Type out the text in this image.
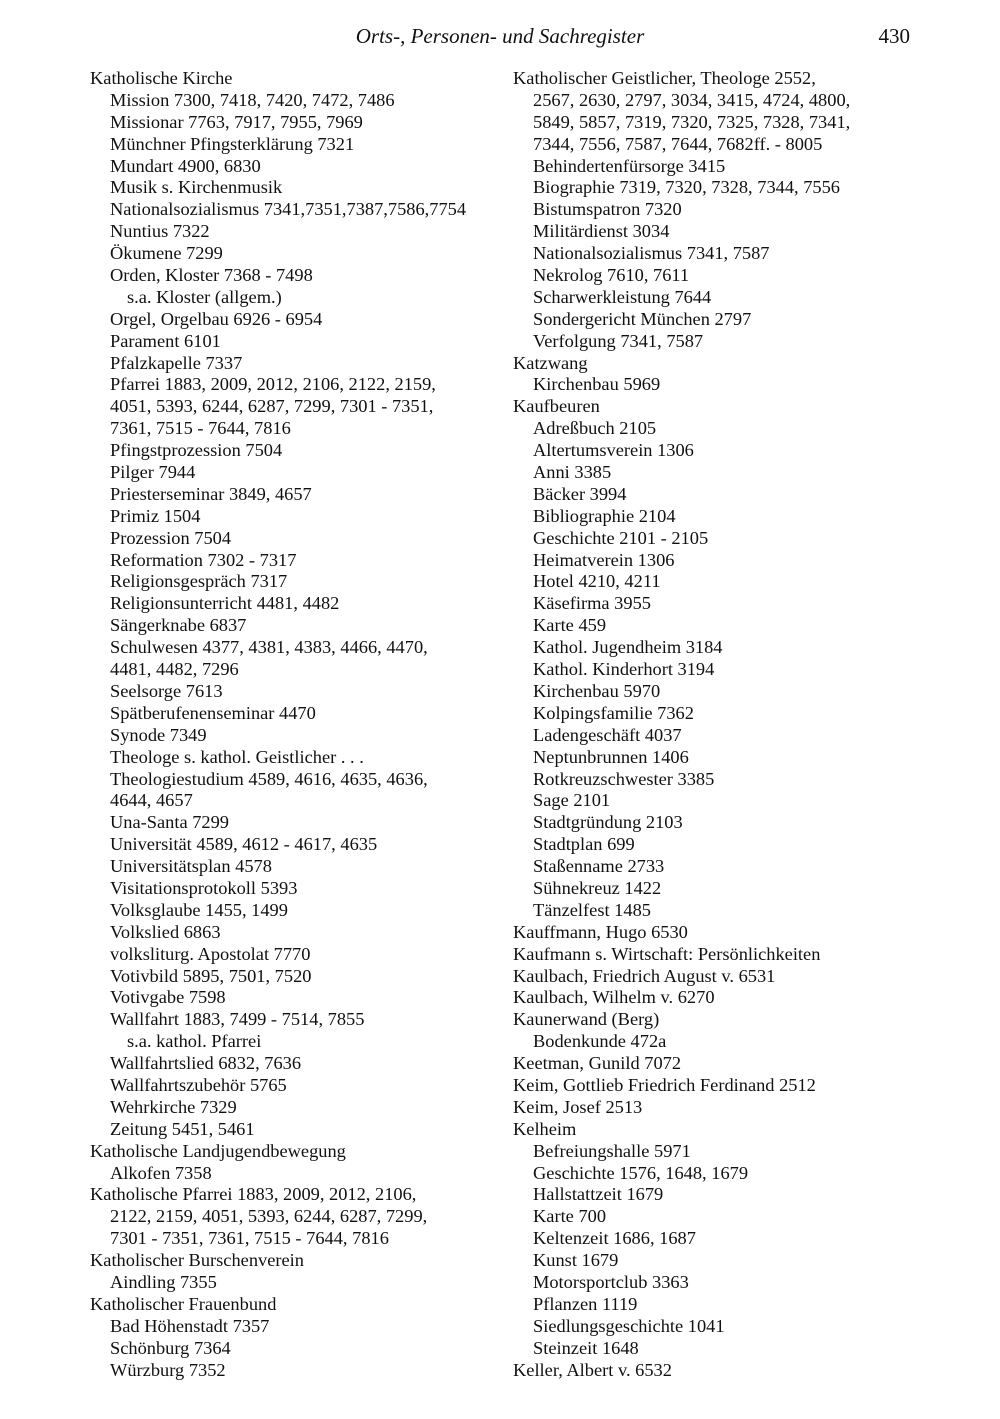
Orts-, Personen- und Sachregister	430
Katholische Kirche
Mission 7300, 7418, 7420, 7472, 7486
Missionar 7763, 7917, 7955, 7969
Münchner Pfingsterklärung 7321
Mundart 4900, 6830
Musik s. Kirchenmusik
Nationalsozialismus 7341,7351,7387,7586,7754
Nuntius 7322
Ökumene 7299
Orden, Kloster 7368 - 7498
s.a. Kloster (allgem.)
Orgel, Orgelbau 6926 - 6954
Parament 6101
Pfalzkapelle 7337
Pfarrei 1883, 2009, 2012, 2106, 2122, 2159,
4051, 5393, 6244, 6287, 7299, 7301 - 7351,
7361, 7515 - 7644, 7816
Pfingstprozession 7504
Pilger 7944
Priesterseminar 3849, 4657
Primiz 1504
Prozession 7504
Reformation 7302 - 7317
Religionsgespräch 7317
Religionsunterricht 4481, 4482
Sängerknabe 6837
Schulwesen 4377, 4381, 4383, 4466, 4470,
4481, 4482, 7296
Seelsorge 7613
Spätberufenenseminar 4470
Synode 7349
Theologe s. kathol. Geistlicher . . .
Theologiestudium 4589, 4616, 4635, 4636,
4644, 4657
Una-Santa 7299
Universität 4589, 4612 - 4617, 4635
Universitätsplan 4578
Visitationsprotokoll 5393
Volksglaube 1455, 1499
Volkslied 6863
volksliturg. Apostolat 7770
Votivbild 5895, 7501, 7520
Votivgabe 7598
Wallfahrt 1883, 7499 - 7514, 7855
s.a. kathol. Pfarrei
Wallfahrtslied 6832, 7636
Wallfahrtszubehör 5765
Wehrkirche 7329
Zeitung 5451, 5461
Katholische Landjugendbewegung
Alkofen 7358
Katholische Pfarrei 1883, 2009, 2012, 2106,
2122, 2159, 4051, 5393, 6244, 6287, 7299,
7301 - 7351, 7361, 7515 - 7644, 7816
Katholischer Burschenverein
Aindling 7355
Katholischer Frauenbund
Bad Höhenstadt 7357
Schönburg 7364
Würzburg 7352
Katholischer Geistlicher, Theologe 2552,
2567, 2630, 2797, 3034, 3415, 4724, 4800,
5849, 5857, 7319, 7320, 7325, 7328, 7341,
7344, 7556, 7587, 7644, 7682ff. - 8005
Behindertenfürsorge 3415
Biographie 7319, 7320, 7328, 7344, 7556
Bistumspatron 7320
Militärdienst 3034
Nationalsozialismus 7341, 7587
Nekrolog 7610, 7611
Scharwerkleistung 7644
Sondergericht München 2797
Verfolgung 7341, 7587
Katzwang
Kirchenbau 5969
Kaufbeuren
Adreßbuch 2105
Altertumsverein 1306
Anni 3385
Bäcker 3994
Bibliographie 2104
Geschichte 2101 - 2105
Heimatverein 1306
Hotel 4210, 4211
Käsefirma 3955
Karte 459
Kathol. Jugendheim 3184
Kathol. Kinderhort 3194
Kirchenbau 5970
Kolpingsfamilie 7362
Ladengeschäft 4037
Neptunbrunnen 1406
Rotkreuzschwester 3385
Sage 2101
Stadtgründung 2103
Stadtplan 699
Staßenname 2733
Sühnekreuz 1422
Tänzelfest 1485
Kauffmann, Hugo 6530
Kaufmann s. Wirtschaft: Persönlichkeiten
Kaulbach, Friedrich August v. 6531
Kaulbach, Wilhelm v. 6270
Kaunerwand (Berg)
Bodenkunde 472a
Keetman, Gunild 7072
Keim, Gottlieb Friedrich Ferdinand 2512
Keim, Josef 2513
Kelheim
Befreiungshalle 5971
Geschichte 1576, 1648, 1679
Hallstattzeit 1679
Karte 700
Keltenzeit 1686, 1687
Kunst 1679
Motorsportclub 3363
Pflanzen 1119
Siedlungsgeschichte 1041
Steinzeit 1648
Keller, Albert v. 6532
